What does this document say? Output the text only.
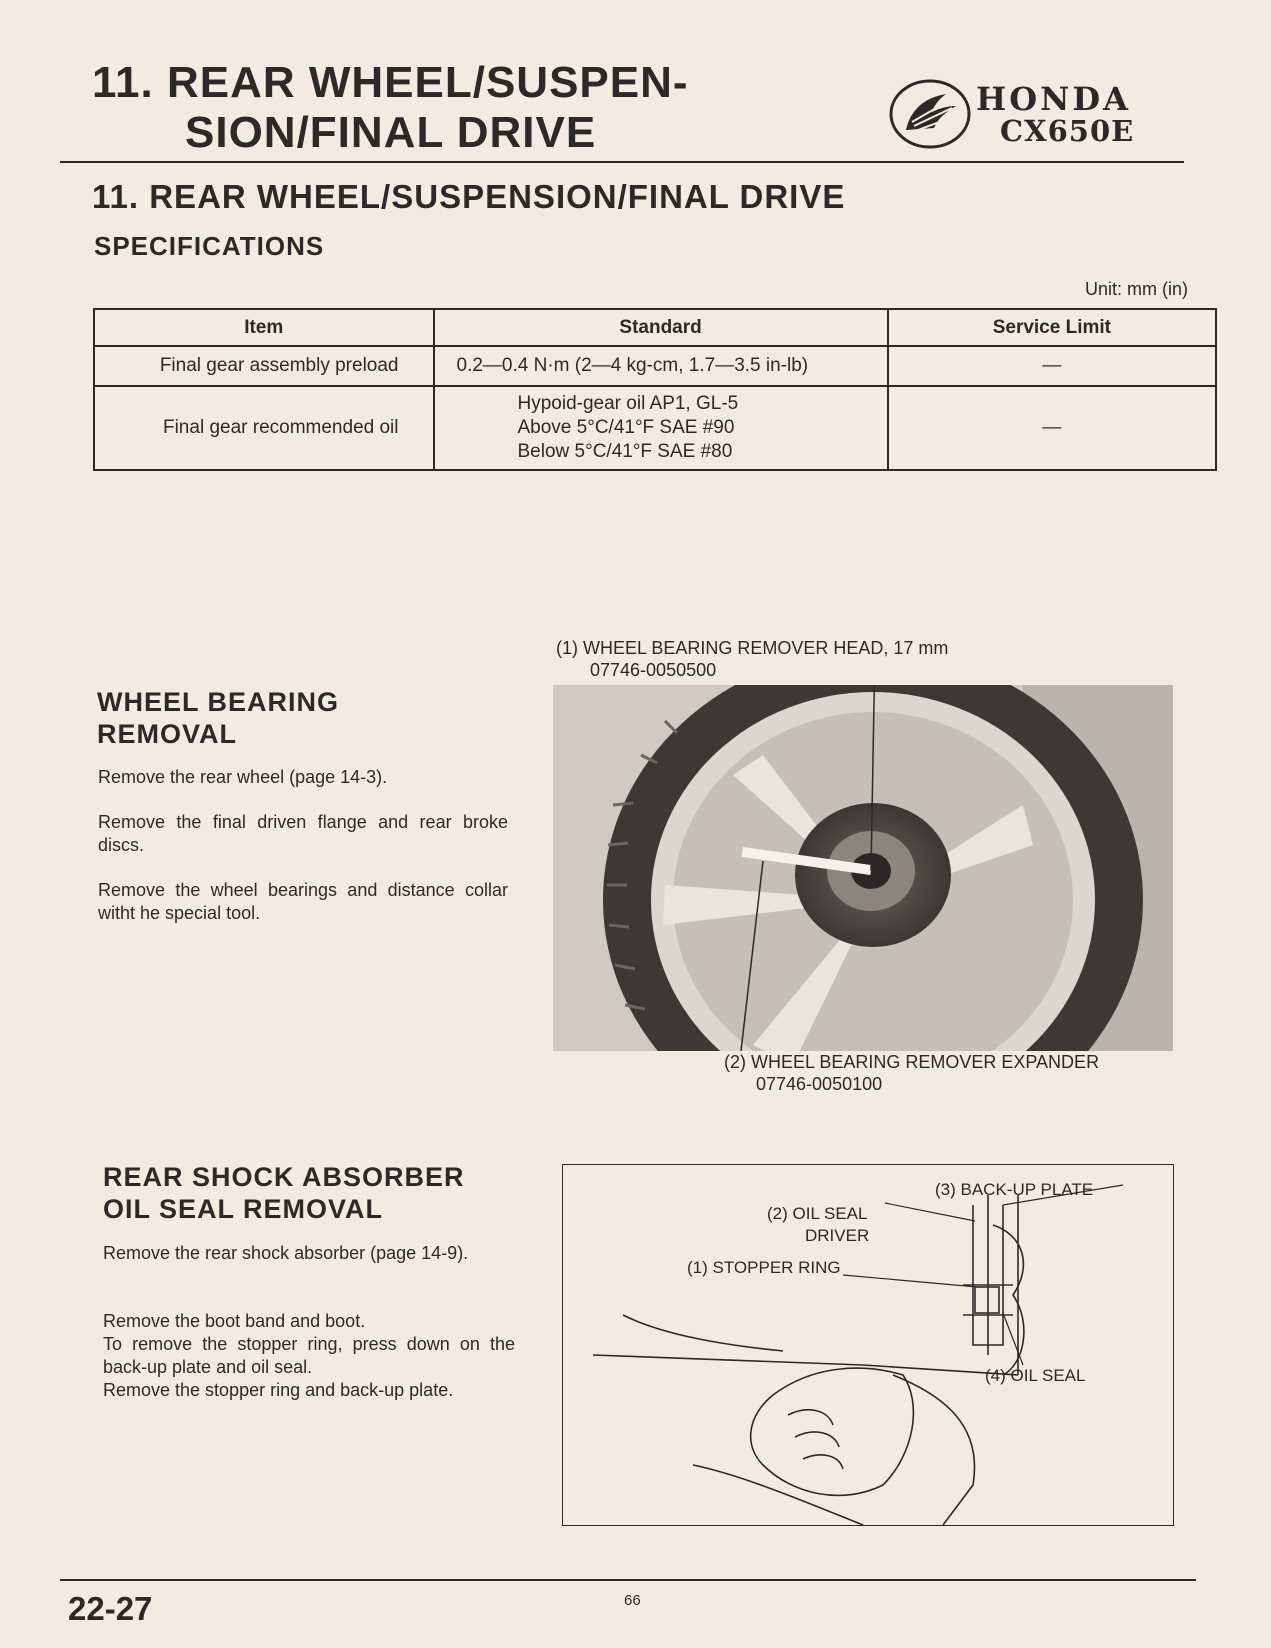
11. REAR WHEEL/SUSPEN-
SION/FINAL DRIVE
HONDA
CX650E
11. REAR WHEEL/SUSPENSION/FINAL DRIVE
SPECIFICATIONS
Unit: mm (in)
Item	Standard	Service Limit
Final gear assembly preload	0.2—0.4 N·m (2—4 kg-cm, 1.7—3.5 in-lb)	—
Final gear recommended oil	Hypoid-gear oil AP1, GL-5
Above 5°C/41°F SAE #90
Below 5°C/41°F SAE #80	—
WHEEL BEARING
REMOVAL

Remove the rear wheel (page 14-3).

Remove the final driven flange and rear broke discs.

Remove the wheel bearings and distance collar witht he special tool.

(1) WHEEL BEARING REMOVER HEAD, 17 mm
07746-0050500
(2) WHEEL BEARING REMOVER EXPANDER
07746-0050100
REAR SHOCK ABSORBER
OIL SEAL REMOVAL
Remove the rear shock absorber (page 14-9).
Remove the boot band and boot.
To remove the stopper ring, press down on the back-up plate and oil seal.
Remove the stopper ring and back-up plate.
(3) BACK-UP PLATE
(2) OIL SEAL
DRIVER
(1) STOPPER RING
(4) OIL SEAL
22-27	66
